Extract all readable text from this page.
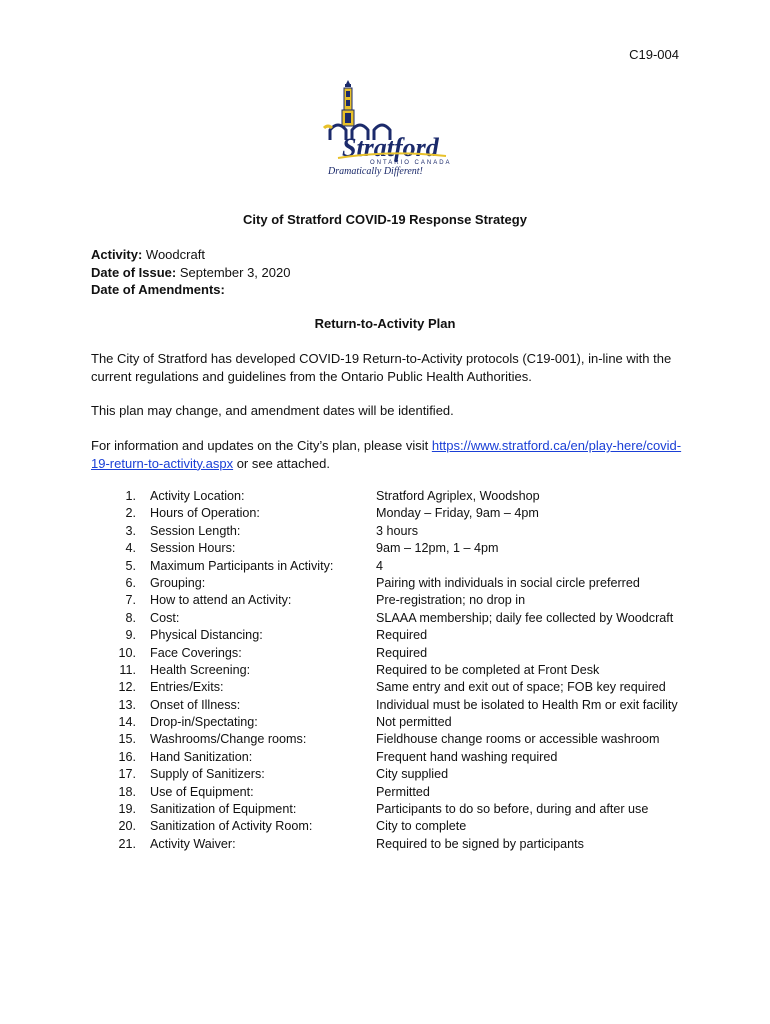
C19-004
Stratford
ONTARIO CANADA
Dramatically Different!
City of Stratford COVID-19 Response Strategy
Activity: Woodcraft
Date of Issue: September 3, 2020
Date of Amendments:
Return-to-Activity Plan
The City of Stratford has developed COVID-19 Return-to-Activity protocols (C19-001), in-line with the current regulations and guidelines from the Ontario Public Health Authorities.
This plan may change, and amendment dates will be identified.
For information and updates on the City’s plan, please visit https://www.stratford.ca/en/play-here/covid-19-return-to-activity.aspx or see attached.
1. Activity Location:	Stratford Agriplex, Woodshop
2. Hours of Operation:	Monday – Friday, 9am – 4pm
3. Session Length:	3 hours
4. Session Hours:	9am – 12pm, 1 – 4pm
5. Maximum Participants in Activity:	4
6. Grouping:	Pairing with individuals in social circle preferred
7. How to attend an Activity:	Pre-registration; no drop in
8. Cost:	SLAAA membership; daily fee collected by Woodcraft
9. Physical Distancing:	Required
10. Face Coverings:	Required
11. Health Screening:	Required to be completed at Front Desk
12. Entries/Exits:	Same entry and exit out of space; FOB key required
13. Onset of Illness:	Individual must be isolated to Health Rm or exit facility
14. Drop-in/Spectating:	Not permitted
15. Washrooms/Change rooms:	Fieldhouse change rooms or accessible washroom
16. Hand Sanitization:	Frequent hand washing required
17. Supply of Sanitizers:	City supplied
18. Use of Equipment:	Permitted
19. Sanitization of Equipment:	Participants to do so before, during and after use
20. Sanitization of Activity Room:	City to complete
21. Activity Waiver:	Required to be signed by participants
